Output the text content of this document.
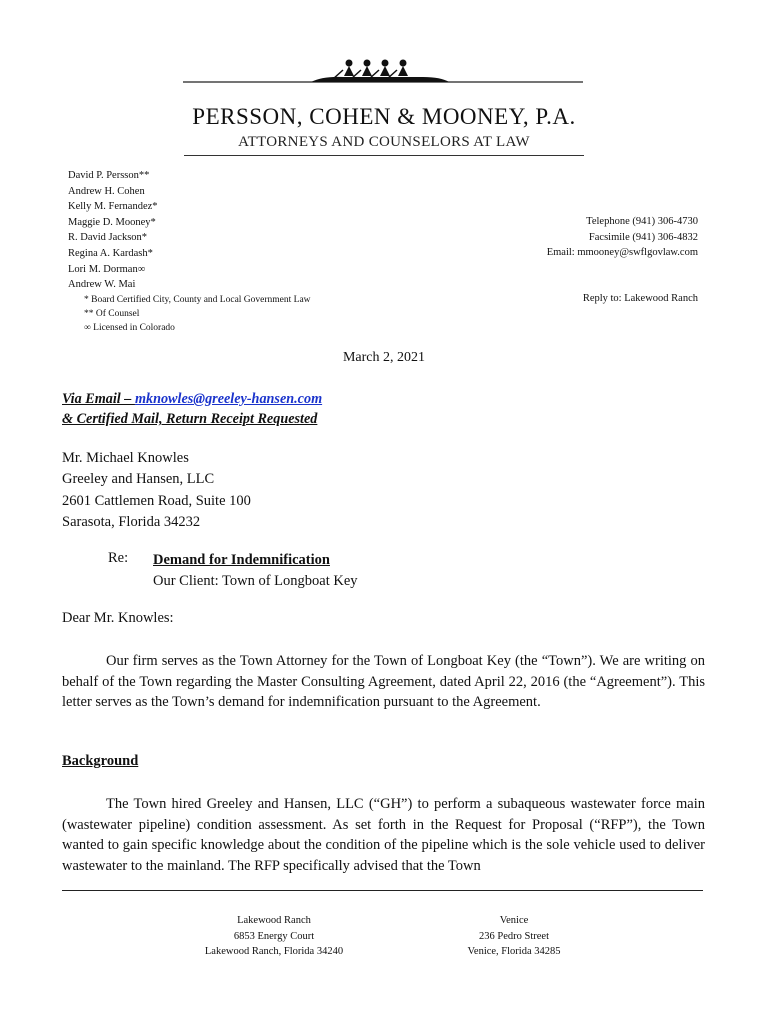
PERSSON, COHEN & MOONEY, P.A.
ATTORNEYS AND COUNSELORS AT LAW
David P. Persson**
Andrew H. Cohen
Kelly M. Fernandez*
Maggie D. Mooney*
R. David Jackson*
Regina A. Kardash*
Lori M. Dorman∞
Andrew W. Mai
* Board Certified City, County and Local Government Law
** Of Counsel
∞ Licensed in Colorado
Telephone (941) 306-4730
Facsimile (941) 306-4832
Email: mmooney@swflgovlaw.com
Reply to: Lakewood Ranch
March 2, 2021
Via Email – mknowles@greeley-hansen.com
& Certified Mail, Return Receipt Requested
Mr. Michael Knowles
Greeley and Hansen, LLC
2601 Cattlemen Road, Suite 100
Sarasota, Florida 34232
Re: Demand for Indemnification
Our Client: Town of Longboat Key
Dear Mr. Knowles:
Our firm serves as the Town Attorney for the Town of Longboat Key (the “Town”). We are writing on behalf of the Town regarding the Master Consulting Agreement, dated April 22, 2016 (the “Agreement”). This letter serves as the Town’s demand for indemnification pursuant to the Agreement.
Background
The Town hired Greeley and Hansen, LLC (“GH”) to perform a subaqueous wastewater force main (wastewater pipeline) condition assessment. As set forth in the Request for Proposal (“RFP”), the Town wanted to gain specific knowledge about the condition of the pipeline which is the sole vehicle used to deliver wastewater to the mainland. The RFP specifically advised that the Town
Lakewood Ranch
6853 Energy Court
Lakewood Ranch, Florida 34240
Venice
236 Pedro Street
Venice, Florida 34285
